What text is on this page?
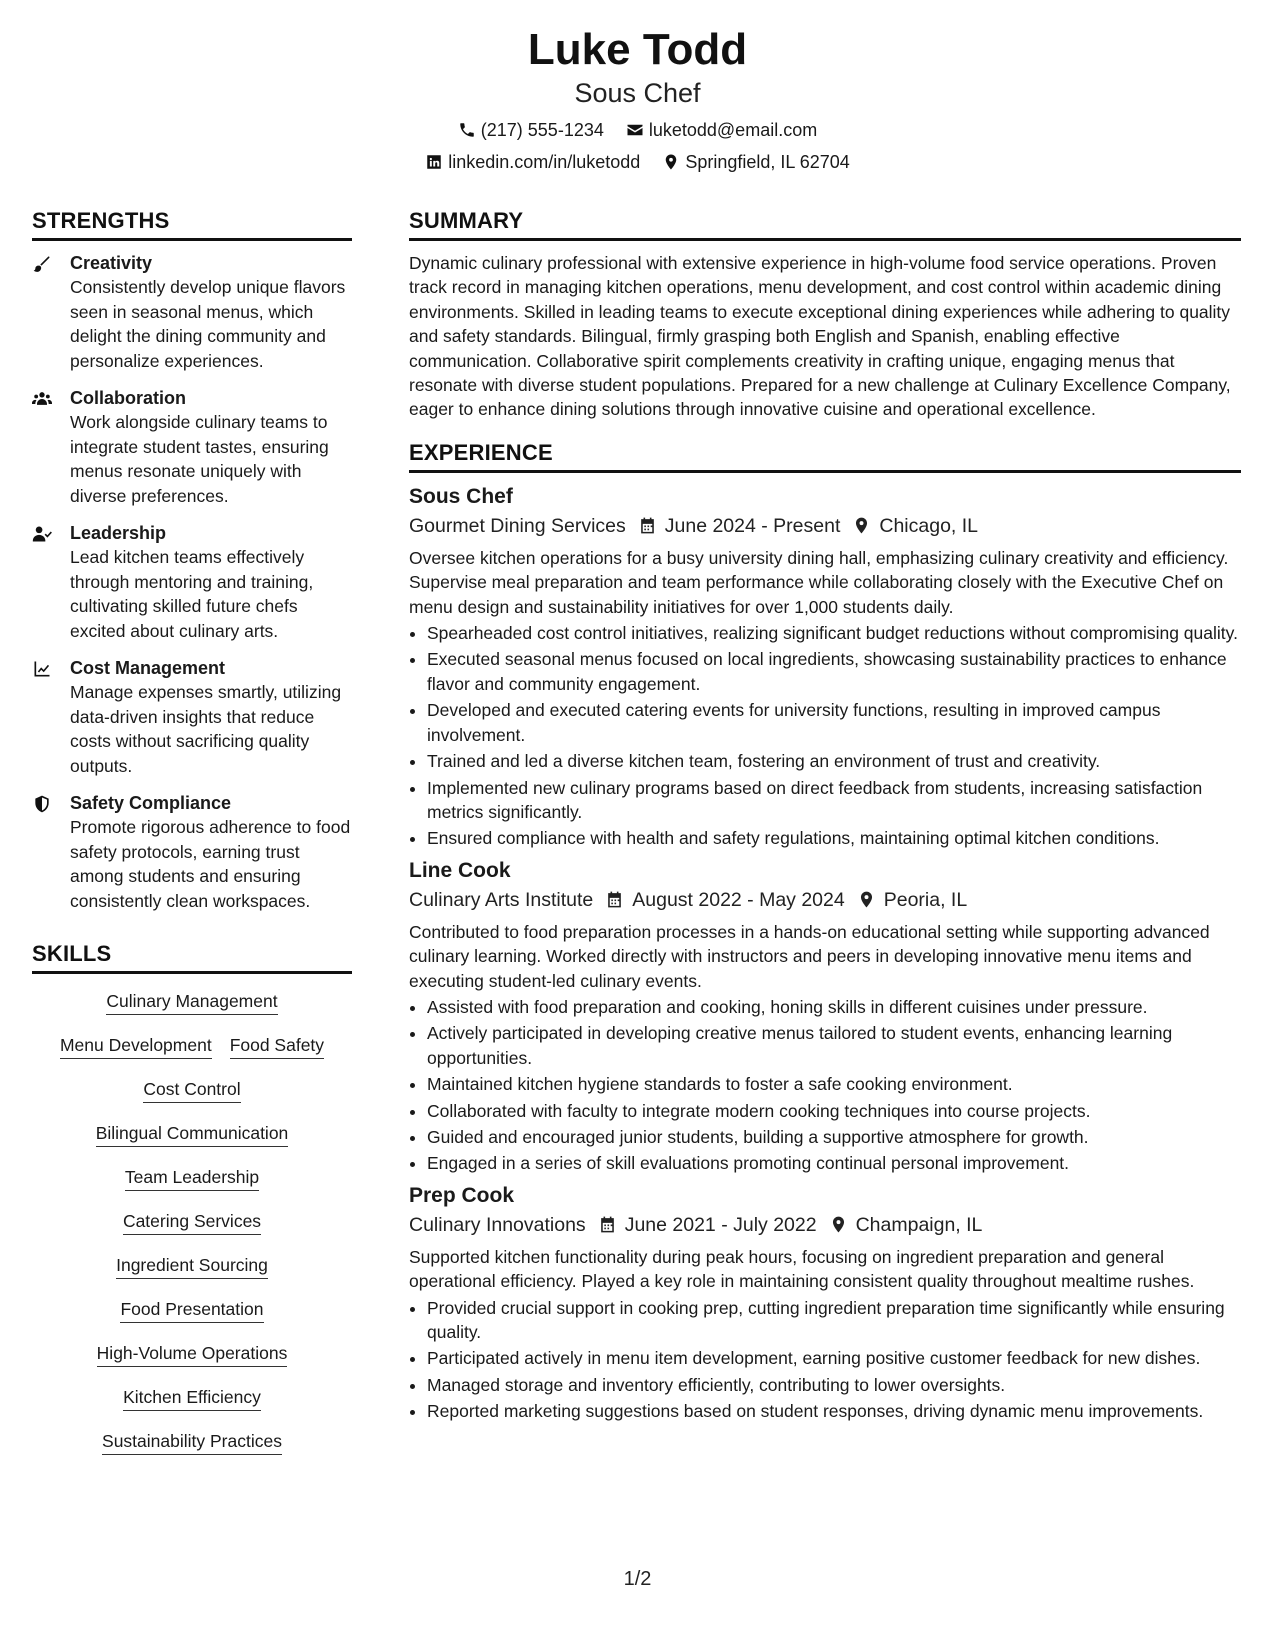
Luke Todd
Sous Chef
(217) 555-1234	luketodd@email.com
linkedin.com/in/luketodd	Springfield, IL 62704
STRENGTHS
Creativity
Consistently develop unique flavors seen in seasonal menus, which delight the dining community and personalize experiences.
Collaboration
Work alongside culinary teams to integrate student tastes, ensuring menus resonate uniquely with diverse preferences.
Leadership
Lead kitchen teams effectively through mentoring and training, cultivating skilled future chefs excited about culinary arts.
Cost Management
Manage expenses smartly, utilizing data-driven insights that reduce costs without sacrificing quality outputs.
Safety Compliance
Promote rigorous adherence to food safety protocols, earning trust among students and ensuring consistently clean workspaces.
SKILLS
Culinary Management
Menu Development Food Safety
Cost Control
Bilingual Communication
Team Leadership
Catering Services
Ingredient Sourcing
Food Presentation
High-Volume Operations
Kitchen Efficiency
Sustainability Practices
SUMMARY

Dynamic culinary professional with extensive experience in high-volume food service operations. Proven track record in managing kitchen operations, menu development, and cost control within academic dining environments. Skilled in leading teams to execute exceptional dining experiences while adhering to quality and safety standards. Bilingual, firmly grasping both English and Spanish, enabling effective communication. Collaborative spirit complements creativity in crafting unique, engaging menus that resonate with diverse student populations. Prepared for a new challenge at Culinary Excellence Company, eager to enhance dining solutions through innovative cuisine and operational excellence.

EXPERIENCE
Sous Chef
Gourmet Dining Services June 2024 - Present Chicago, IL

Oversee kitchen operations for a busy university dining hall, emphasizing culinary creativity and efficiency. Supervise meal preparation and team performance while collaborating closely with the Executive Chef on menu design and sustainability initiatives for over 1,000 students daily.

• Spearheaded cost control initiatives, realizing significant budget reductions without compromising quality.
• Executed seasonal menus focused on local ingredients, showcasing sustainability practices to enhance flavor and community engagement.
• Developed and executed catering events for university functions, resulting in improved campus involvement.
• Trained and led a diverse kitchen team, fostering an environment of trust and creativity.
• Implemented new culinary programs based on direct feedback from students, increasing satisfaction metrics significantly.
• Ensured compliance with health and safety regulations, maintaining optimal kitchen conditions.
Line Cook
Culinary Arts Institute August 2022 - May 2024 Peoria, IL

Contributed to food preparation processes in a hands-on educational setting while supporting advanced culinary learning. Worked directly with instructors and peers in developing innovative menu items and executing student-led culinary events.

• Assisted with food preparation and cooking, honing skills in different cuisines under pressure.
• Actively participated in developing creative menus tailored to student events, enhancing learning opportunities.
• Maintained kitchen hygiene standards to foster a safe cooking environment.
• Collaborated with faculty to integrate modern cooking techniques into course projects.
• Guided and encouraged junior students, building a supportive atmosphere for growth.
• Engaged in a series of skill evaluations promoting continual personal improvement.
Prep Cook
Culinary Innovations June 2021 - July 2022 Champaign, IL

Supported kitchen functionality during peak hours, focusing on ingredient preparation and general operational efficiency. Played a key role in maintaining consistent quality throughout mealtime rushes.

• Provided crucial support in cooking prep, cutting ingredient preparation time significantly while ensuring quality.
• Participated actively in menu item development, earning positive customer feedback for new dishes.
• Managed storage and inventory efficiently, contributing to lower oversights.
• Reported marketing suggestions based on student responses, driving dynamic menu improvements.
1/2
